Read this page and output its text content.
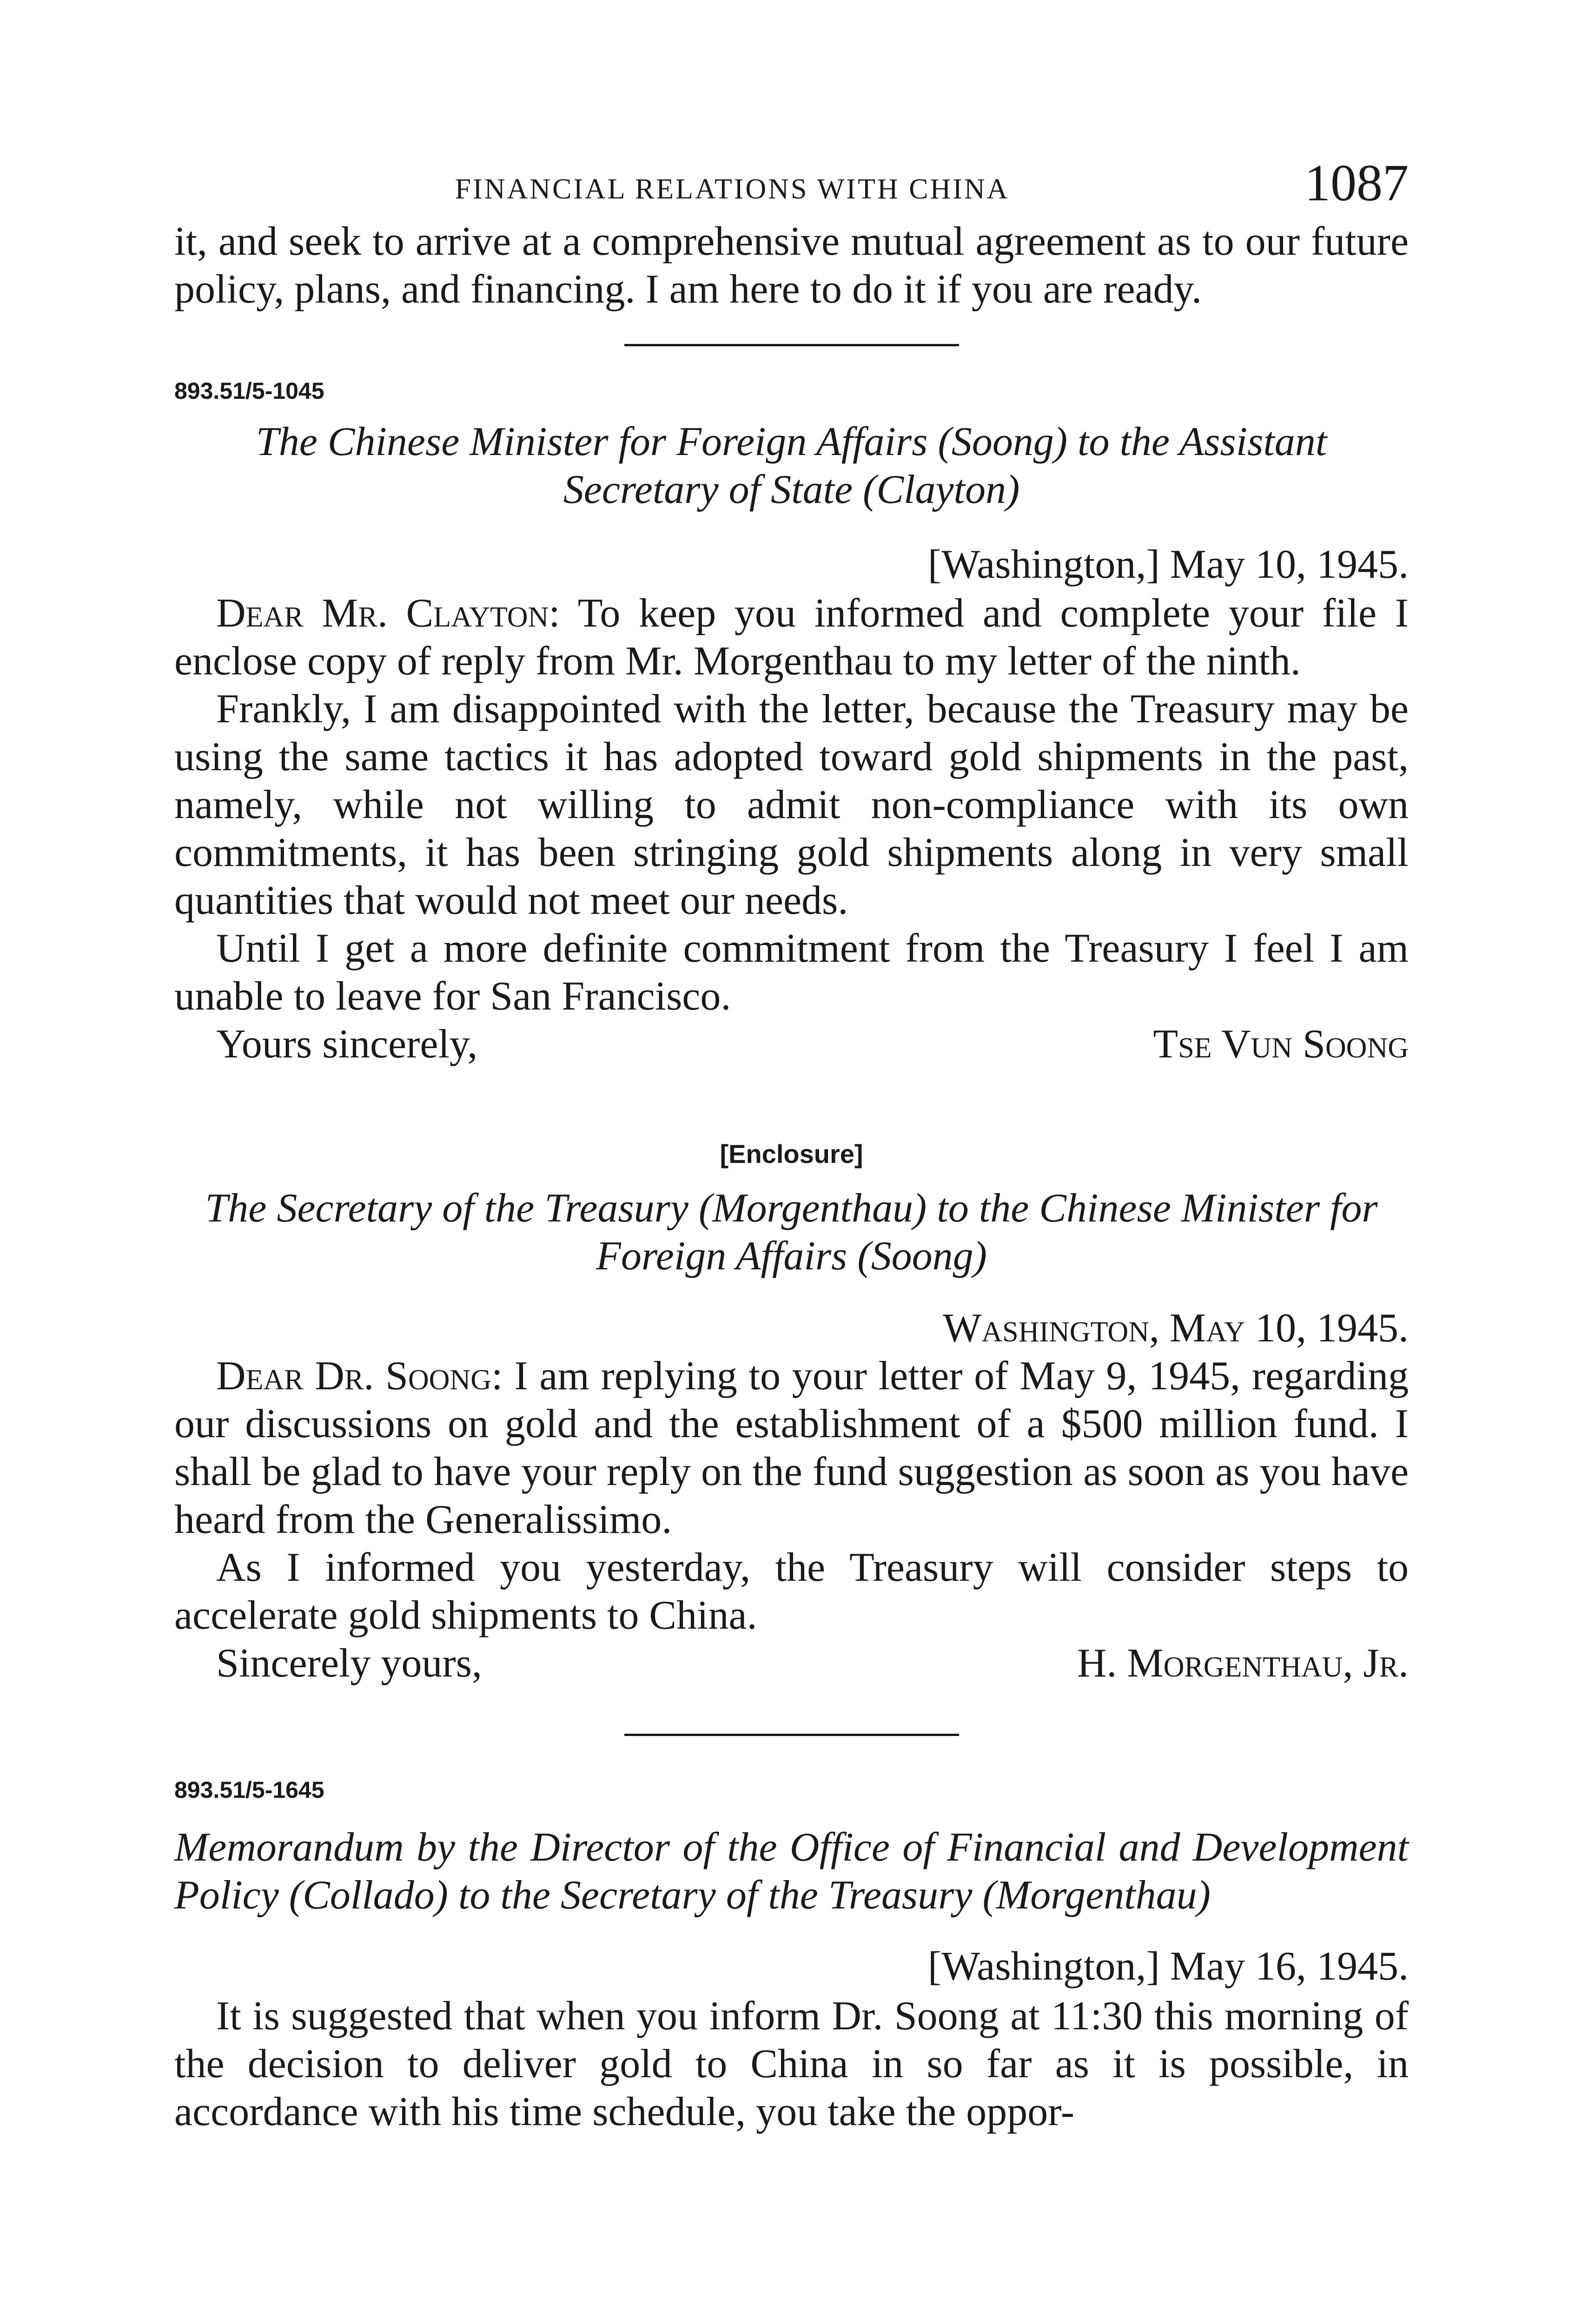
FINANCIAL RELATIONS WITH CHINA	1087

it, and seek to arrive at a comprehensive mutual agreement as to our future policy, plans, and financing. I am here to do it if you are ready.

893.51/5-1045
The Chinese Minister for Foreign Affairs (Soong) to the Assistant Secretary of State (Clayton)

[Washington,] May 10, 1945.

Dear Mr. Clayton: To keep you informed and complete your file I enclose copy of reply from Mr. Morgenthau to my letter of the ninth.

Frankly, I am disappointed with the letter, because the Treasury may be using the same tactics it has adopted toward gold shipments in the past, namely, while not willing to admit non-compliance with its own commitments, it has been stringing gold shipments along in very small quantities that would not meet our needs.

Until I get a more definite commitment from the Treasury I feel I am unable to leave for San Francisco.

Yours sincerely,	Tse Vun Soong
[Enclosure]
The Secretary of the Treasury (Morgenthau) to the Chinese Minister for Foreign Affairs (Soong)

Washington, May 10, 1945.

Dear Dr. Soong: I am replying to your letter of May 9, 1945, regarding our discussions on gold and the establishment of a $500 million fund. I shall be glad to have your reply on the fund suggestion as soon as you have heard from the Generalissimo.

As I informed you yesterday, the Treasury will consider steps to accelerate gold shipments to China.

Sincerely yours,	H. Morgenthau, Jr.
893.51/5-1645
Memorandum by the Director of the Office of Financial and Development Policy (Collado) to the Secretary of the Treasury (Morgenthau)

[Washington,] May 16, 1945.

It is suggested that when you inform Dr. Soong at 11:30 this morning of the decision to deliver gold to China in so far as it is possible, in accordance with his time schedule, you take the oppor-
